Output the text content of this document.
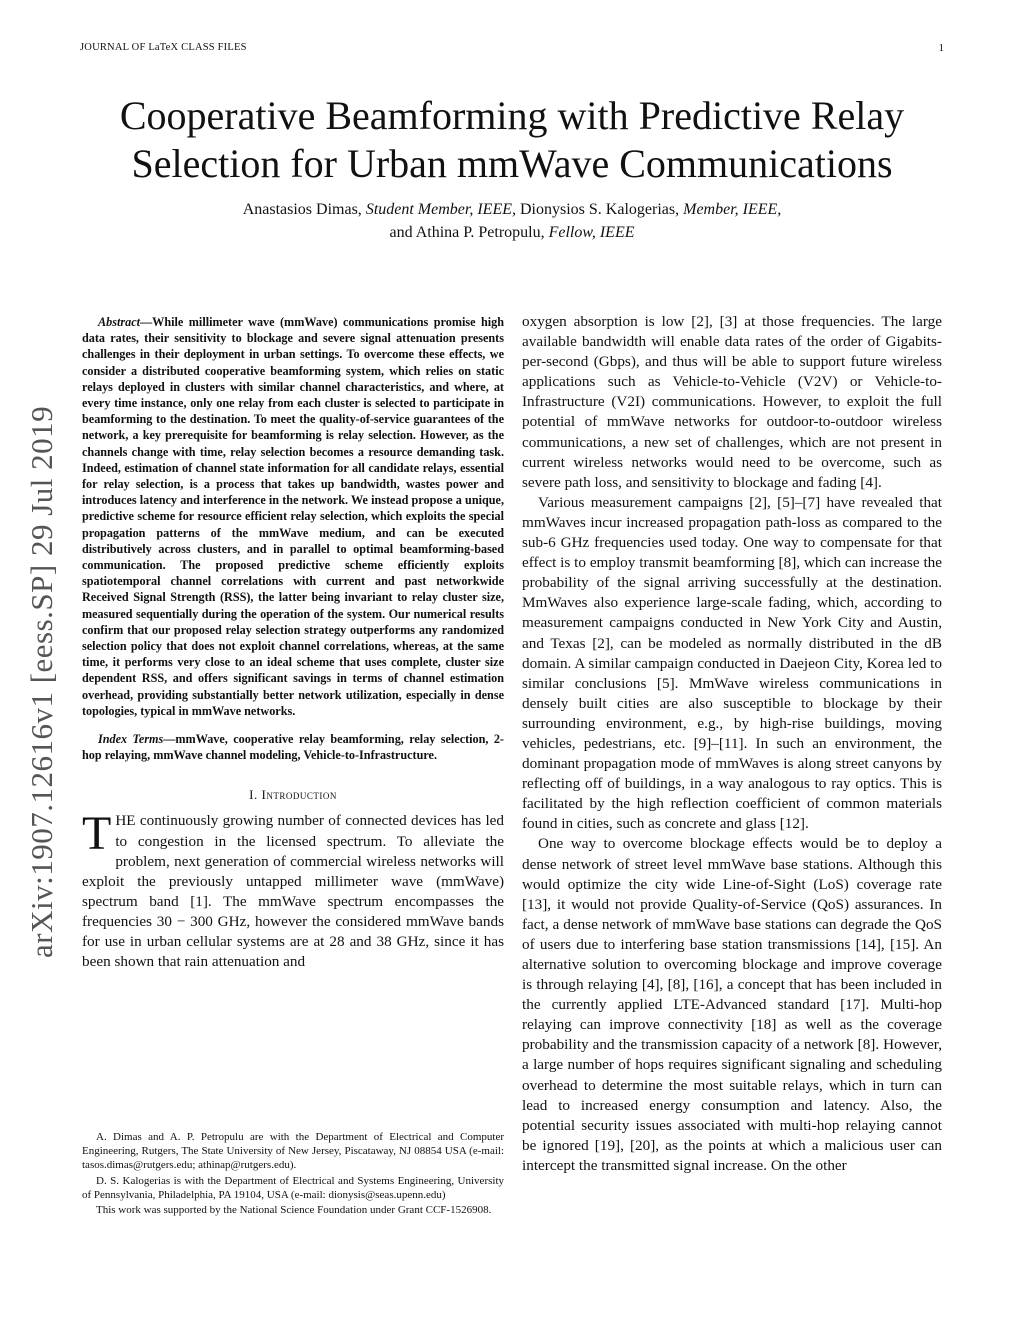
JOURNAL OF LaTeX CLASS FILES	1
arXiv:1907.12616v1 [eess.SP] 29 Jul 2019
Cooperative Beamforming with Predictive Relay
Selection for Urban mmWave Communications
Anastasios Dimas, Student Member, IEEE, Dionysios S. Kalogerias, Member, IEEE,
and Athina P. Petropulu, Fellow, IEEE

Abstract—While millimeter wave (mmWave) communications promise high data rates, their sensitivity to blockage and severe signal attenuation presents challenges in their deployment in urban settings. To overcome these effects, we consider a distributed cooperative beamforming system, which relies on static relays deployed in clusters with similar channel characteristics, and where, at every time instance, only one relay from each cluster is selected to participate in beamforming to the destination. To meet the quality-of-service guarantees of the network, a key prerequisite for beamforming is relay selection. However, as the channels change with time, relay selection becomes a resource demanding task. Indeed, estimation of channel state information for all candidate relays, essential for relay selection, is a process that takes up bandwidth, wastes power and introduces latency and interference in the network. We instead propose a unique, predictive scheme for resource efficient relay selection, which exploits the special propagation patterns of the mmWave medium, and can be executed distributively across clusters, and in parallel to optimal beamforming-based communication. The proposed predictive scheme efficiently exploits spatiotemporal channel correlations with current and past networkwide Received Signal Strength (RSS), the latter being invariant to relay cluster size, measured sequentially during the operation of the system. Our numerical results confirm that our proposed relay selection strategy outperforms any randomized selection policy that does not exploit channel correlations, whereas, at the same time, it performs very close to an ideal scheme that uses complete, cluster size dependent RSS, and offers significant savings in terms of channel estimation overhead, providing substantially better network utilization, especially in dense topologies, typical in mmWave networks.

Index Terms—mmWave, cooperative relay beamforming, relay selection, 2-hop relaying, mmWave channel modeling, Vehicle-to-Infrastructure.

I. Introduction

THE continuously growing number of connected devices has led to congestion in the licensed spectrum. To alleviate the problem, next generation of commercial wireless networks will exploit the previously untapped millimeter wave (mmWave) spectrum band [1]. The mmWave spectrum encompasses the frequencies 30 − 300 GHz, however the considered mmWave bands for use in urban cellular systems are at 28 and 38 GHz, since it has been shown that rain attenuation and

A. Dimas and A. P. Petropulu are with the Department of Electrical and Computer Engineering, Rutgers, The State University of New Jersey, Piscataway, NJ 08854 USA (e-mail: tasos.dimas@rutgers.edu; athinap@rutgers.edu).

D. S. Kalogerias is with the Department of Electrical and Systems Engineering, University of Pennsylvania, Philadelphia, PA 19104, USA (e-mail: dionysis@seas.upenn.edu)

This work was supported by the National Science Foundation under Grant CCF-1526908.

oxygen absorption is low [2], [3] at those frequencies. The large available bandwidth will enable data rates of the order of Gigabits-per-second (Gbps), and thus will be able to support future wireless applications such as Vehicle-to-Vehicle (V2V) or Vehicle-to-Infrastructure (V2I) communications. However, to exploit the full potential of mmWave networks for outdoor-to-outdoor wireless communications, a new set of challenges, which are not present in current wireless networks would need to be overcome, such as severe path loss, and sensitivity to blockage and fading [4].

Various measurement campaigns [2], [5]–[7] have revealed that mmWaves incur increased propagation path-loss as compared to the sub-6 GHz frequencies used today. One way to compensate for that effect is to employ transmit beamforming [8], which can increase the probability of the signal arriving successfully at the destination. MmWaves also experience large-scale fading, which, according to measurement campaigns conducted in New York City and Austin, and Texas [2], can be modeled as normally distributed in the dB domain. A similar campaign conducted in Daejeon City, Korea led to similar conclusions [5]. MmWave wireless communications in densely built cities are also susceptible to blockage by their surrounding environment, e.g., by high-rise buildings, moving vehicles, pedestrians, etc. [9]–[11]. In such an environment, the dominant propagation mode of mmWaves is along street canyons by reflecting off of buildings, in a way analogous to ray optics. This is facilitated by the high reflection coefficient of common materials found in cities, such as concrete and glass [12].

One way to overcome blockage effects would be to deploy a dense network of street level mmWave base stations. Although this would optimize the city wide Line-of-Sight (LoS) coverage rate [13], it would not provide Quality-of-Service (QoS) assurances. In fact, a dense network of mmWave base stations can degrade the QoS of users due to interfering base station transmissions [14], [15]. An alternative solution to overcoming blockage and improve coverage is through relaying [4], [8], [16], a concept that has been included in the currently applied LTE-Advanced standard [17]. Multi-hop relaying can improve connectivity [18] as well as the coverage probability and the transmission capacity of a network [8]. However, a large number of hops requires significant signaling and scheduling overhead to determine the most suitable relays, which in turn can lead to increased energy consumption and latency. Also, the potential security issues associated with multi-hop relaying cannot be ignored [19], [20], as the points at which a malicious user can intercept the transmitted signal increase. On the other
